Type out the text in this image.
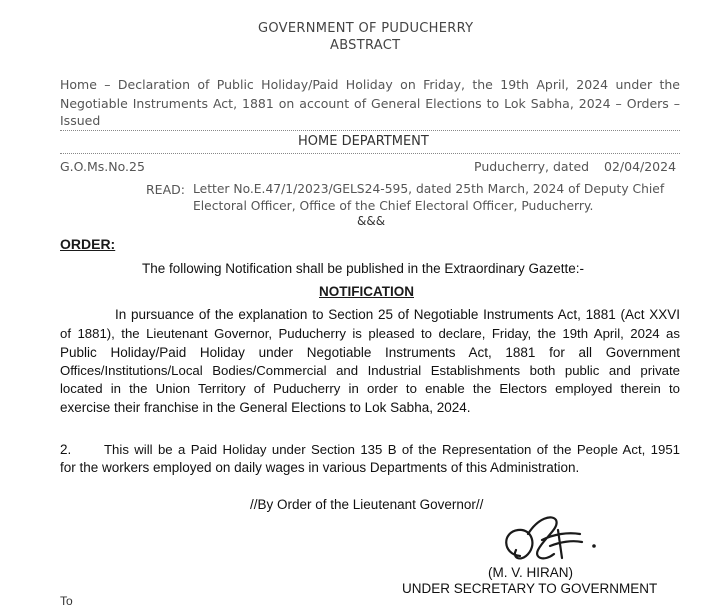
GOVERNMENT OF PUDUCHERRY
ABSTRACT
Home – Declaration of Public Holiday/Paid Holiday on Friday, the 19th April, 2024 under the
Negotiable Instruments Act, 1881 on account of General Elections to Lok Sabha, 2024 – Orders –
Issued
HOME DEPARTMENT
G.O.Ms.No.25	Puducherry, dated 02/04/2024
READ: Letter No.E.47/1/2023/GELS24-595, dated 25th March, 2024 of Deputy Chief
Electoral Officer, Office of the Chief Electoral Officer, Puducherry.
&&&
ORDER:
The following Notification shall be published in the Extraordinary Gazette:-
NOTIFICATION
In pursuance of the explanation to Section 25 of Negotiable Instruments Act, 1881 (Act XXVI
of 1881), the Lieutenant Governor, Puducherry is pleased to declare, Friday, the 19th April, 2024 as
Public Holiday/Paid Holiday under Negotiable Instruments Act, 1881 for all Government
Offices/Institutions/Local Bodies/Commercial and Industrial Establishments both public and private
located in the Union Territory of Puducherry in order to enable the Electors employed therein to
exercise their franchise in the General Elections to Lok Sabha, 2024.
2. This will be a Paid Holiday under Section 135 B of the Representation of the People Act, 1951
for the workers employed on daily wages in various Departments of this Administration.
//By Order of the Lieutenant Governor//
(M. V. HIRAN)
UNDER SECRETARY TO GOVERNMENT
To
